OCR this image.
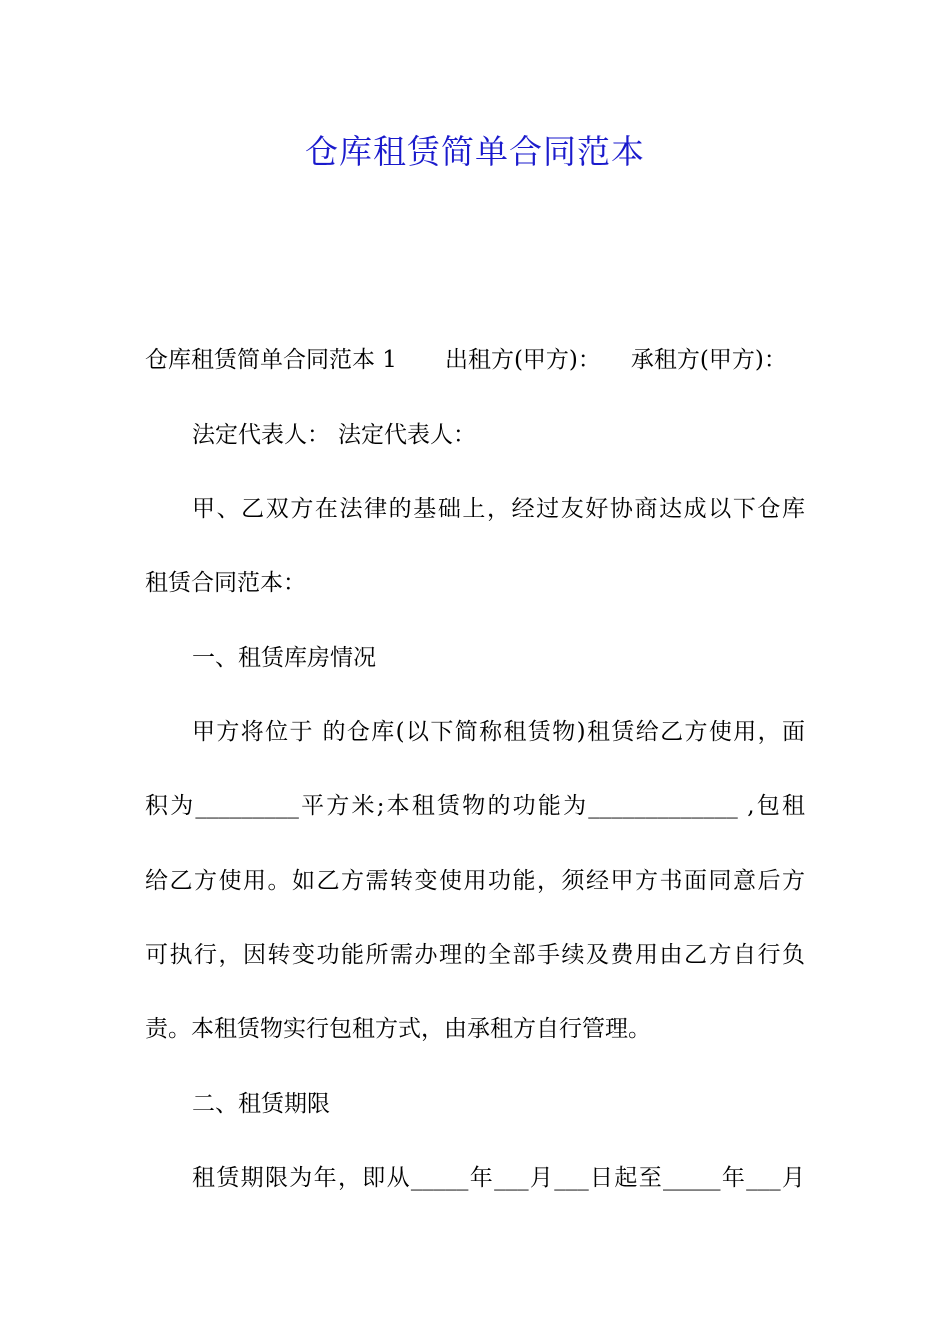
仓库租赁简单合同范本
仓库租赁简单合同范本 1 出租方(甲方)： 承租方(甲方)：
法定代表人： 法定代表人：
甲、乙双方在法律的基础上，经过友好协商达成以下仓库
租赁合同范本：
一、租赁库房情况
甲方将位于 的仓库(以下简称租赁物)租赁给乙方使用，面
积为_________平方米;本租赁物的功能为_____________ ,包租
给乙方使用。如乙方需转变使用功能，须经甲方书面同意后方
可执行，因转变功能所需办理的全部手续及费用由乙方自行负
责。本租赁物实行包租方式，由承租方自行管理。
二、租赁期限
租赁期限为年，即从_____年___月___日起至_____年___月
